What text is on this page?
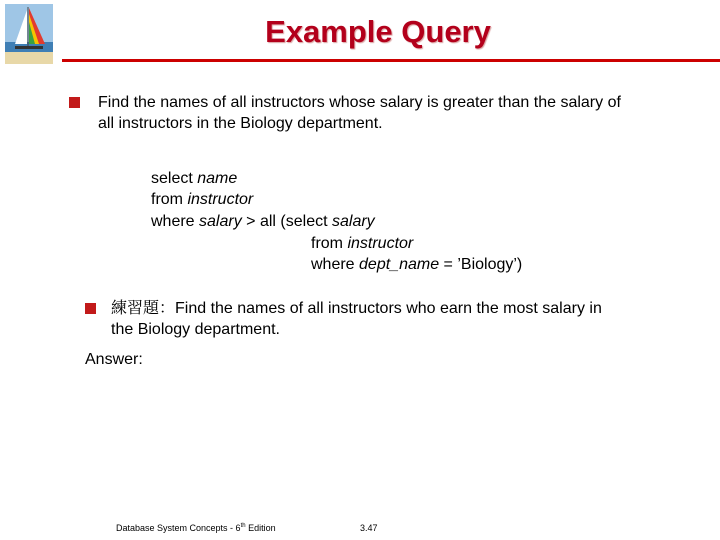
Example Query
Find the names of all instructors whose salary is greater than the salary of all instructors in the Biology department.
select name
from instructor
where salary > all (select salary
from instructor
where dept_name = ’Biology’)
練習題：Find the names of all instructors who earn the most salary in
the Biology department.
Answer:
Database System Concepts - 6th Edition	3.47
